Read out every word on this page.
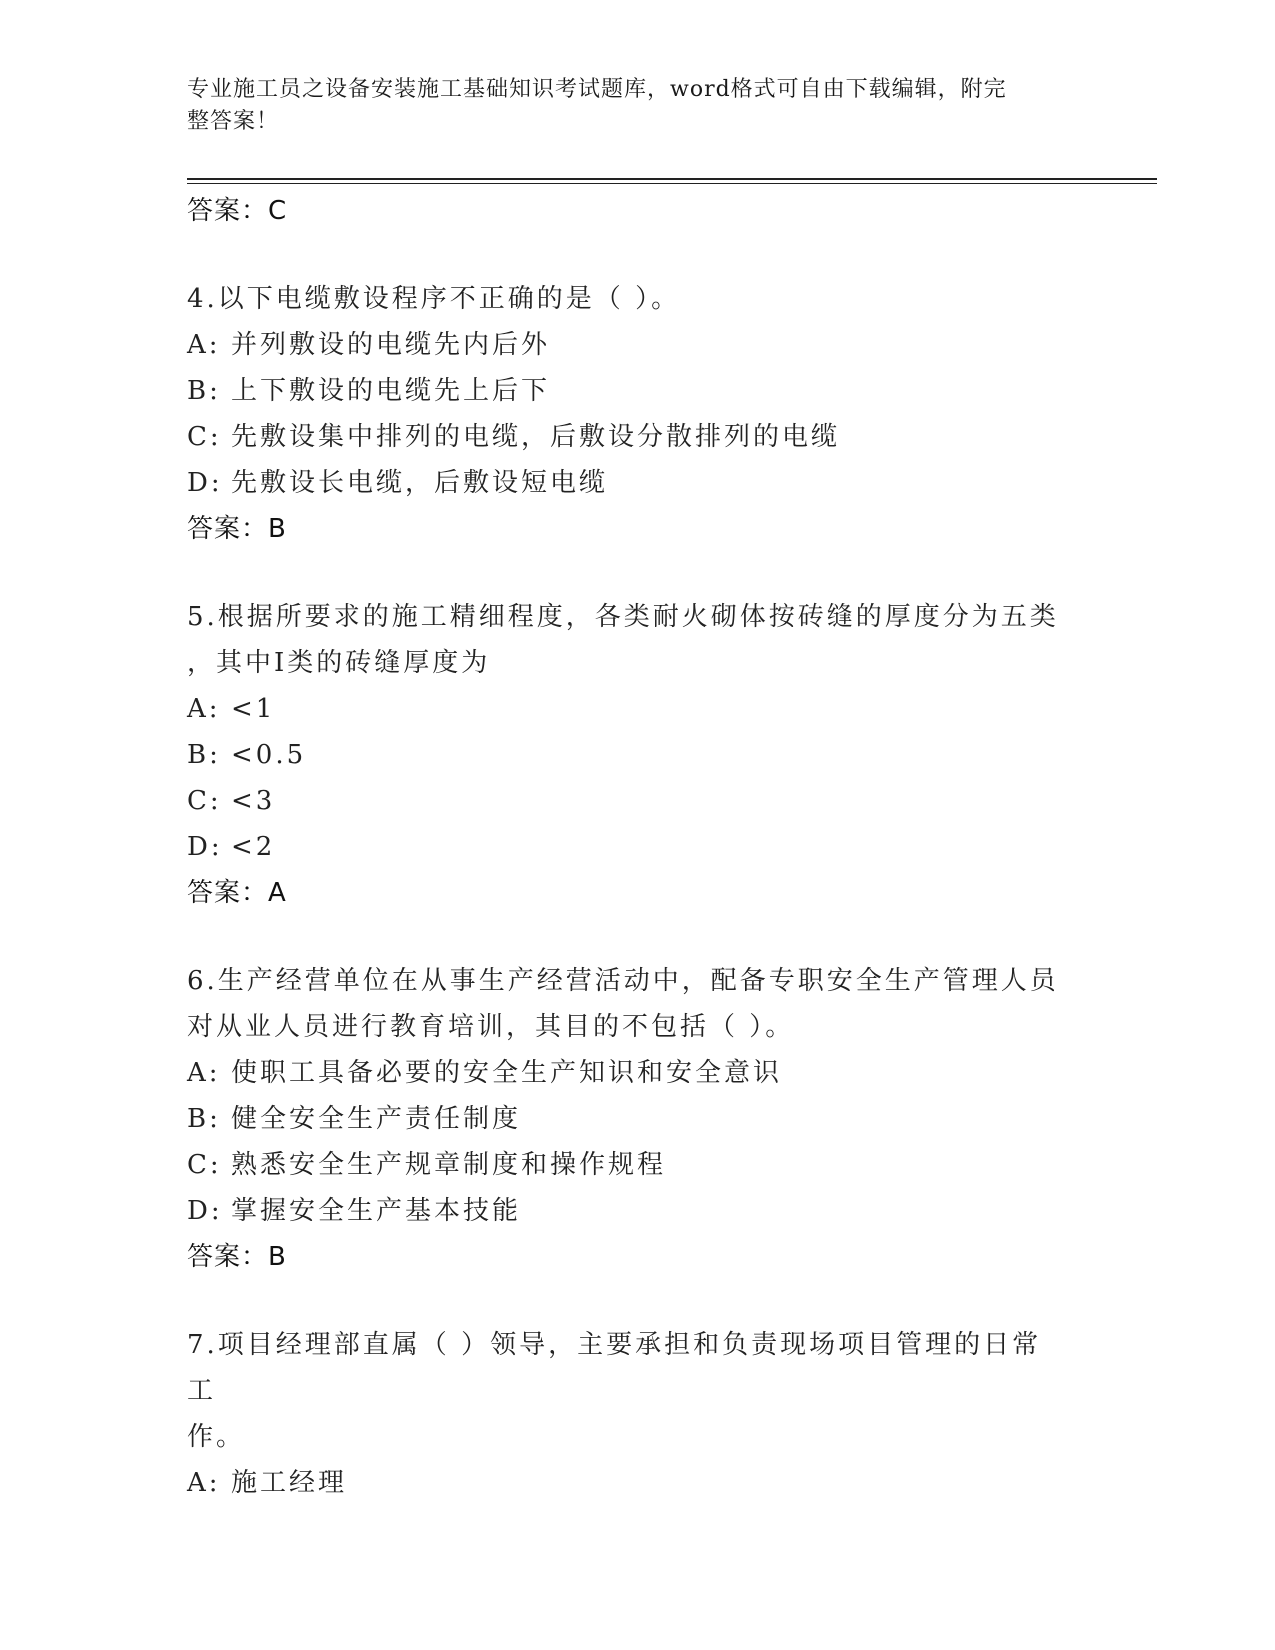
专业施工员之设备安装施工基础知识考试题库，word格式可自由下载编辑，附完
整答案！
答案：C
4.以下电缆敷设程序不正确的是（ ）。
A: 并列敷设的电缆先内后外
B: 上下敷设的电缆先上后下
C: 先敷设集中排列的电缆，后敷设分散排列的电缆
D: 先敷设长电缆，后敷设短电缆
答案：B
5.根据所要求的施工精细程度，各类耐火砌体按砖缝的厚度分为五类
，其中Ⅰ类的砖缝厚度为
A: <1
B: <0.5
C: <3
D: <2
答案：A
6.生产经营单位在从事生产经营活动中，配备专职安全生产管理人员
对从业人员进行教育培训，其目的不包括（ ）。
A: 使职工具备必要的安全生产知识和安全意识
B: 健全安全生产责任制度
C: 熟悉安全生产规章制度和操作规程
D: 掌握安全生产基本技能
答案：B
7.项目经理部直属（ ）领导，主要承担和负责现场项目管理的日常工
作。
A: 施工经理
